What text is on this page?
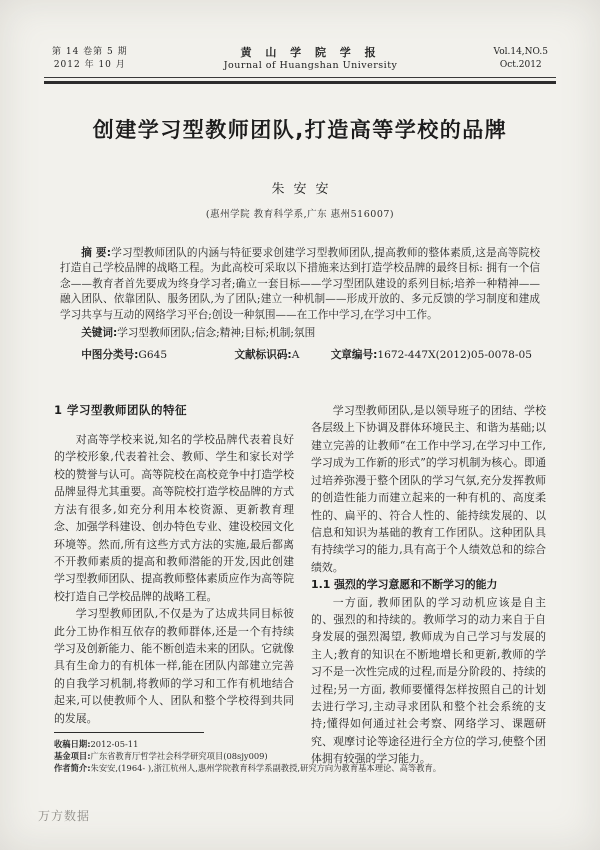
第 14 卷第 5 期
2012 年 10 月
黄 山 学 院 学 报
Journal of Huangshan University
Vol.14,NO.5
Oct.2012
创建学习型教师团队,打造高等学校的品牌
朱安安
(惠州学院 教育科学系,广东 惠州516007)

摘 要:学习型教师团队的内涵与特征要求创建学习型教师团队,提高教师的整体素质,这是高等院校打造自己学校品牌的战略工程。为此高校可采取以下措施来达到打造学校品牌的最终目标: 拥有一个信念——教育者首先要成为终身学习者;确立一套目标——学习型团队建设的系列目标;培养一种精神——融入团队、依靠团队、服务团队,为了团队;建立一种机制——形成开放的、多元反馈的学习制度和建成学习共享与互动的网络学习平台;创设一种氛围——在工作中学习,在学习中工作。

关键词:学习型教师团队;信念;精神;目标;机制;氛围

中图分类号:G645	文献标识码:A	文章编号:1672-447X(2012)05-0078-05

1 学习型教师团队的特征

对高等学校来说,知名的学校品牌代表着良好的学校形象,代表着社会、教师、学生和家长对学校的赞誉与认可。高等院校在高校竞争中打造学校品牌显得尤其重要。高等院校打造学校品牌的方式方法有很多,如充分利用本校资源、更新教育理念、加强学科建设、创办特色专业、建设校园文化环境等。然而,所有这些方式方法的实施,最后都离不开教师素质的提高和教师潜能的开发,因此创建学习型教师团队、提高教师整体素质应作为高等院校打造自己学校品牌的战略工程。

学习型教师团队,不仅是为了达成共同目标彼此分工协作相互依存的教师群体,还是一个有持续学习及创新能力、能不断创造未来的团队。它就像具有生命力的有机体一样,能在团队内部建立完善的自我学习机制,将教师的学习和工作有机地结合起来,可以使教师个人、团队和整个学校得到共同的发展。

收稿日期:2012-05-11
基金项目:广东省教育厅哲学社会科学研究项目(08sjy009)
作者简介:朱安安,(1964- ),浙江杭州人,惠州学院教育科学系副教授,研究方向为教育基本理论、高等教育。

学习型教师团队,是以领导班子的团结、学校各层级上下协调及群体环境民主、和谐为基础;以建立完善的让教师“在工作中学习,在学习中工作,学习成为工作新的形式”的学习机制为核心。即通过培养弥漫于整个团队的学习气氛,充分发挥教师的创造性能力而建立起来的一种有机的、高度柔性的、扁平的、符合人性的、能持续发展的、以信息和知识为基础的教育工作团队。这种团队具有持续学习的能力,具有高于个人绩效总和的综合绩效。

1.1 强烈的学习意愿和不断学习的能力

一方面, 教师团队的学习动机应该是自主的、强烈的和持续的。教师学习的动力来自于自身发展的强烈渴望, 教师成为自己学习与发展的主人;教育的知识在不断地增长和更新,教师的学习不是一次性完成的过程,而是分阶段的、持续的过程;另一方面, 教师要懂得怎样按照自己的计划去进行学习,主动寻求团队和整个社会系统的支持;懂得如何通过社会考察、网络学习、课题研究、观摩讨论等途径进行全方位的学习,使整个团体拥有较强的学习能力。

万方数据
